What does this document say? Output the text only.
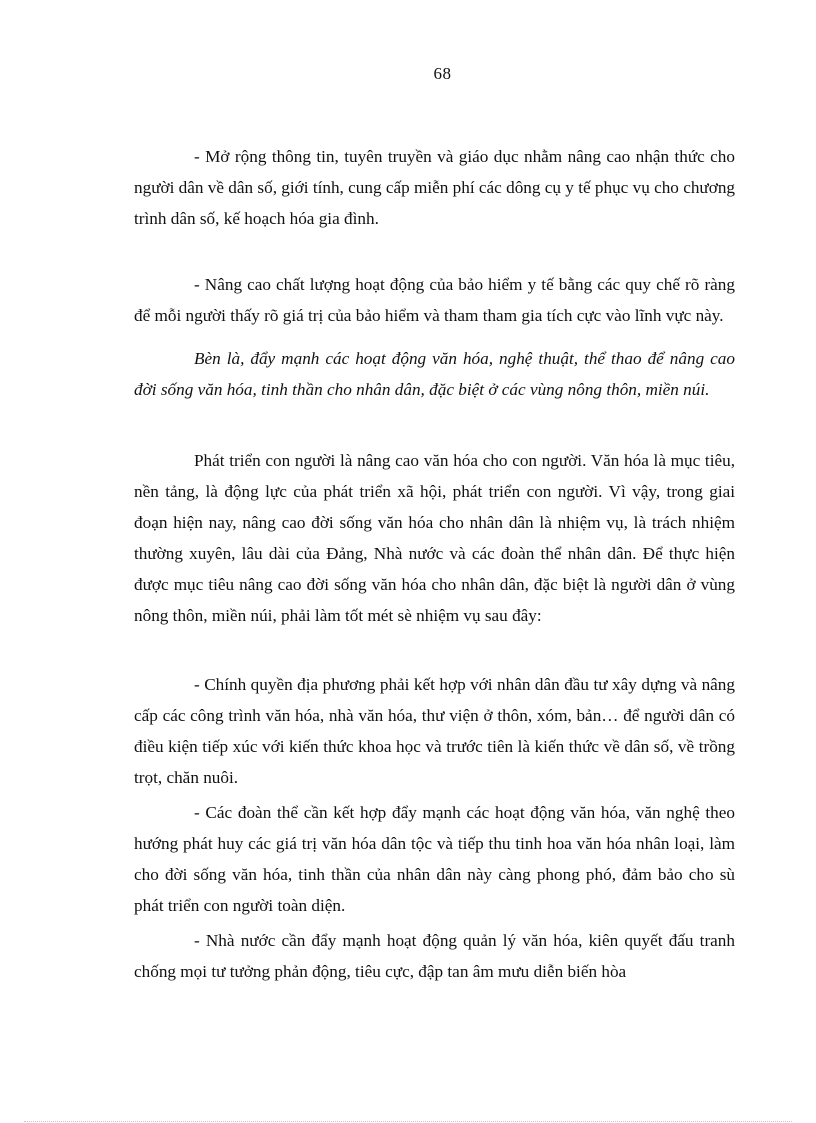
68

- Mở rộng thông tin, tuyên truyền và giáo dục nhằm nâng cao nhận thức cho người dân về dân số, giới tính, cung cấp miễn phí các dông cụ y tế phục vụ cho chương trình dân số, kế hoạch hóa gia đình.

- Nâng cao chất lượng hoạt động của bảo hiểm y tế bằng các quy chế rõ ràng để mỗi người thấy rõ giá trị của bảo hiểm và tham tham gia tích cực vào lĩnh vực này.

Bèn là, đẩy mạnh các hoạt động văn hóa, nghệ thuật, thể thao để nâng cao đời sống văn hóa, tinh thần cho nhân dân, đặc biệt ở các vùng nông thôn, miền núi.

Phát triển con người là nâng cao văn hóa cho con người. Văn hóa là mục tiêu, nền tảng, là động lực của phát triển xã hội, phát triển con người. Vì vậy, trong giai đoạn hiện nay, nâng cao đời sống văn hóa cho nhân dân là nhiệm vụ, là trách nhiệm thường xuyên, lâu dài của Đảng, Nhà nước và các đoàn thể nhân dân. Để thực hiện được mục tiêu nâng cao đời sống văn hóa cho nhân dân, đặc biệt là người dân ở vùng nông thôn, miền núi, phải làm tốt mét sè nhiệm vụ sau đây:

- Chính quyền địa phương phải kết hợp với nhân dân đầu tư xây dựng và nâng cấp các công trình văn hóa, nhà văn hóa, thư viện ở thôn, xóm, bản… để người dân có điều kiện tiếp xúc với kiến thức khoa học và trước tiên là kiến thức về dân số, về trồng trọt, chăn nuôi.

- Các đoàn thể cần kết hợp đẩy mạnh các hoạt động văn hóa, văn nghệ theo hướng phát huy các giá trị văn hóa dân tộc và tiếp thu tinh hoa văn hóa nhân loại, làm cho đời sống văn hóa, tinh thần của nhân dân này càng phong phó, đảm bảo cho sù phát triển con người toàn diện.

- Nhà nước cần đẩy mạnh hoạt động quản lý văn hóa, kiên quyết đấu tranh chống mọi tư tưởng phản động, tiêu cực, đập tan âm mưu diễn biến hòa
